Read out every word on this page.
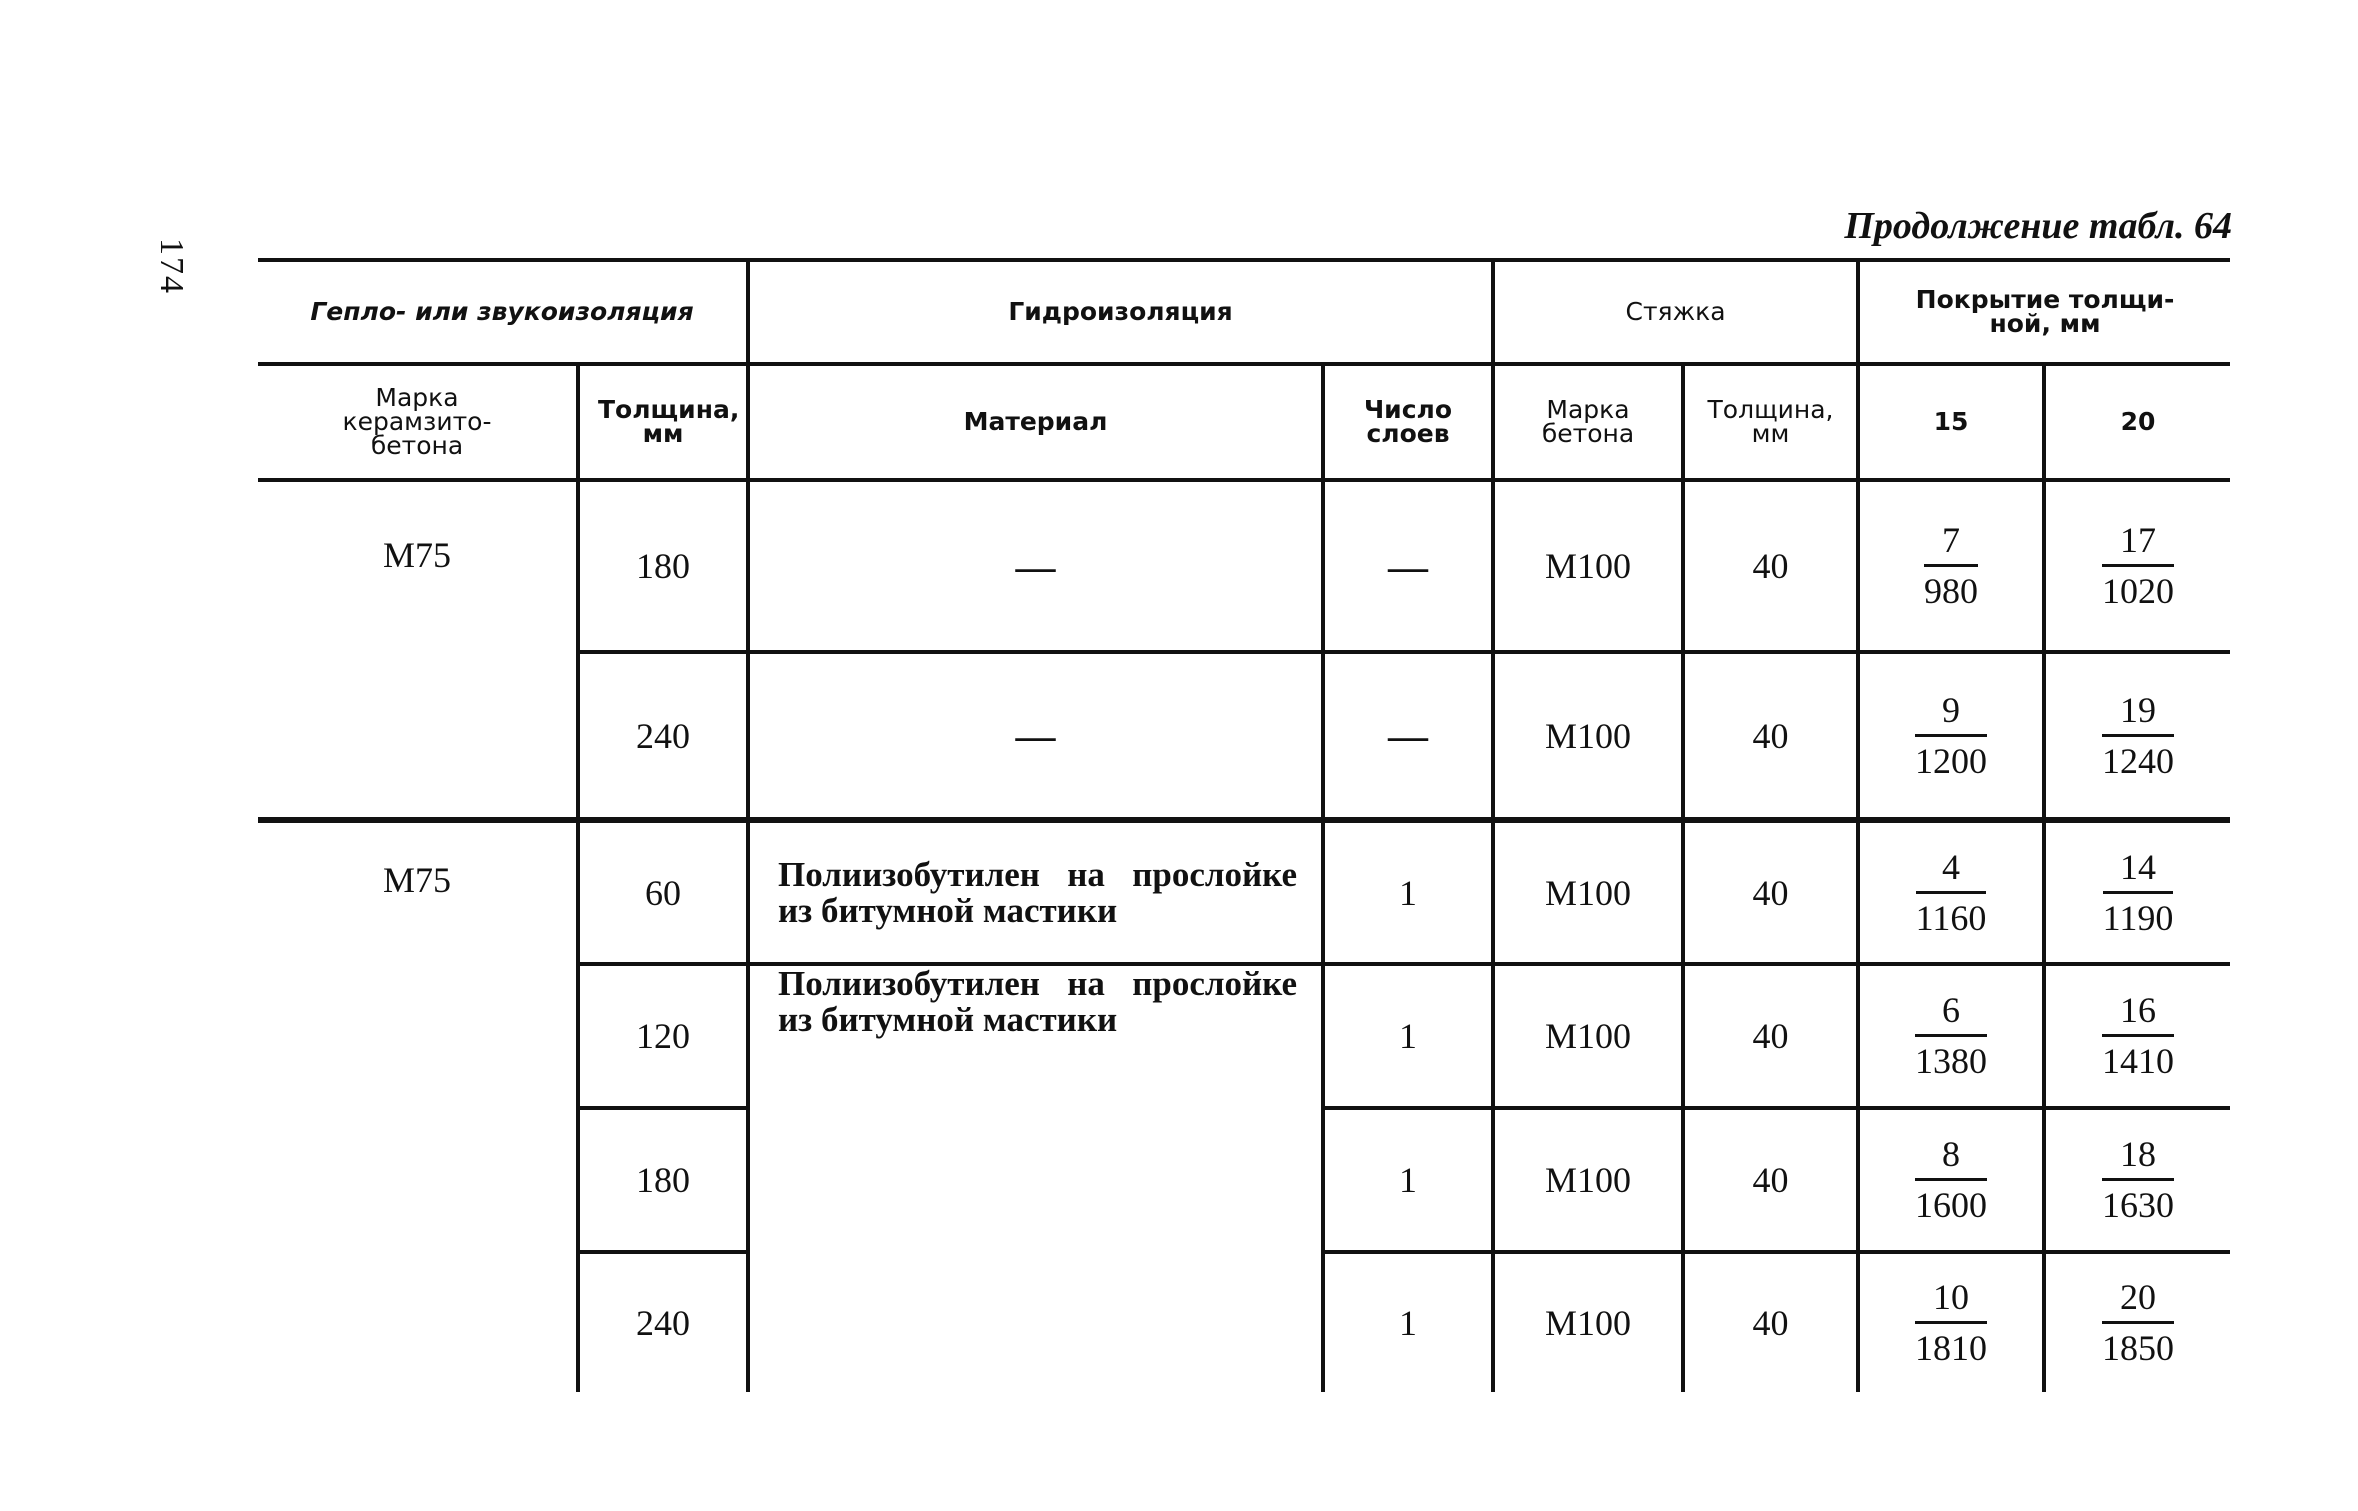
174
Продолжение табл. 64
Гепло- или звукоизоляция		Гидроизоляция		Стяжка		Покрытие толщи-ной, мм	
Марка керамзито-бетона	Толщина, мм	Материал	Число слоев	Марка бетона	Толщина, мм	15	20
М75	180	—	—	М100	40	$\frac{7}{980}$	$\frac{17}{1020}$

	240	—	—	М100	40	$\frac{9}{1200}$	$\frac{19}{1240}$

М75	60	Полиизобутилен на прослойке из битумной мастики	1	М100	40	$\frac{4}{1160}$	$\frac{14}{1190}$

	120	Полиизобутилен на прослойке из битумной мастики	1	М100	40	$\frac{6}{1380}$	$\frac{16}{1410}$

	180		1	М100	40	$\frac{8}{1600}$	$\frac{18}{1630}$

	240		1	М100	40	$\frac{10}{1810}$	$\frac{20}{1850}$
